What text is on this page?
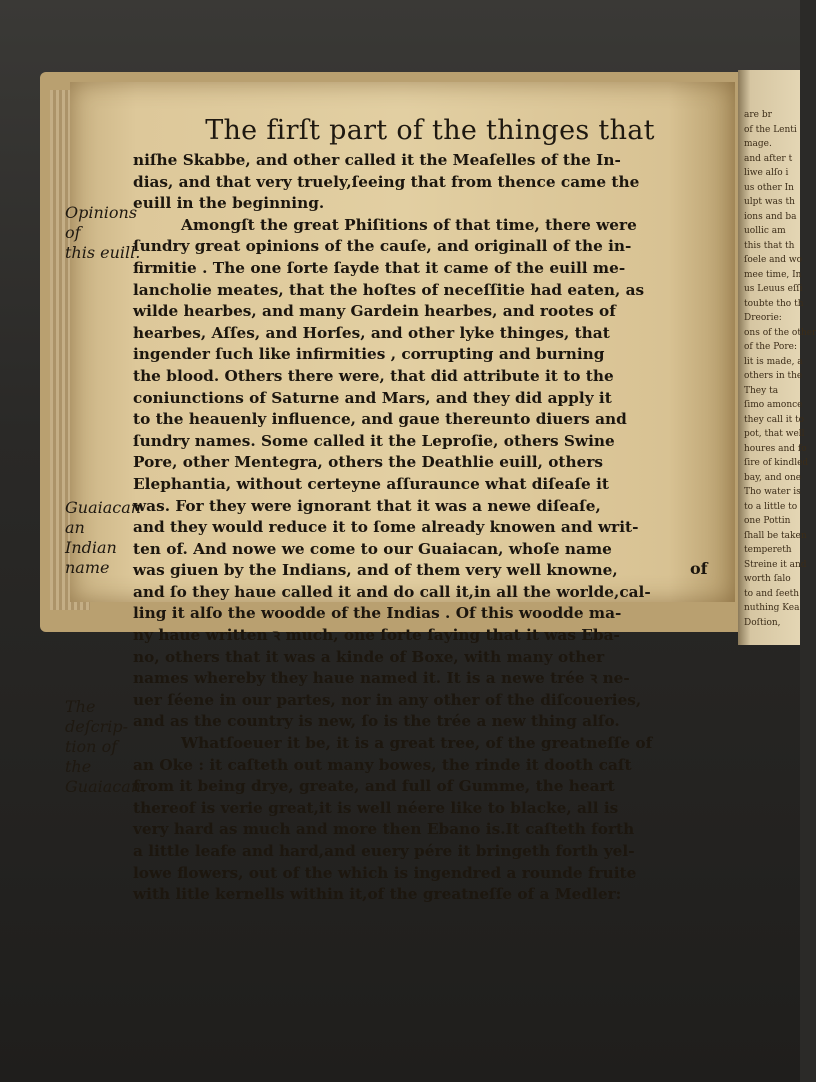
are br
of the Lenti
mage.
and after t
liwe alſo i
us other In
ulpt was th
ions and ba
uollic am
this that th
ſoele and wo
mee time, In
us Leuus eſſi
toubte tho th
Dreorie:
ons of the other
of the Pore:
lit is made, a
others in the
They ta
ſimo amonce
they call it to
pot, that well
houres and fo
ſire of kindled
bay, and one
Tho water is
to a little to
one Pottin
ſhall be taken
tempereth
Streine it and
worth ſalo
to and ſeeth
nuthing Kea
Doſtion,
The firſt part of the thinges that
Opinions of
this euill.
Guaiacan an
Indian name
The deſcrip-
tion of the
Guaiacan.
niſhe Skabbe, and other called it the Meaſelles of the In-
dias, and that very truely,ſeeing that from thence came the
euill in the beginning.
Amongſt the great Phiſitions of that time, there were
ſundry great opinions of the cauſe, and originall of the in-
firmitie . The one ſorte ſayde that it came of the euill me-
lancholie meates, that the hoſtes of neceſſitie had eaten, as
wilde hearbes, and many Gardein hearbes, and rootes of
hearbes, Aſſes, and Horſes, and other lyke thinges, that
ingender ſuch like infirmities , corrupting and burning
the blood. Others there were, that did attribute it to the
coniunctions of Saturne and Mars, and they did apply it
to the heauenly influence, and gaue thereunto diuers and
ſundry names. Some called it the Leproſie, others Swine
Pore, other Mentegra, others the Deathlie euill, others
Elephantia, without certeyne aſſuraunce what diſeaſe it
was. For they were ignorant that it was a newe diſeaſe,
and they would reduce it to ſome already knowen and writ-
ten of. And nowe we come to our Guaiacan, whoſe name
was giuen by the Indians, and of them very well knowne,
and ſo they haue called it and do call it,in all the worlde,cal-
ling it alſo the woodde of the Indias . Of this woodde ma-
ny haue written ꝛ much, one ſorte ſaying that it was Eba-
no, others that it was a kinde of Boxe, with many other
names whereby they haue named it. It is a newe trée ꝛ ne-
uer ſéene in our partes, nor in any other of the diſcoueries,
and as the country is new, ſo is the trée a new thing alſo.
Whatſoeuer it be, it is a great tree, of the greatneſſe of
an Oke : it caſteth out many bowes, the rinde it dooth caſt
from it being drye, greate, and full of Gumme, the heart
thereof is verie great,it is well néere like to blacke, all is
very hard as much and more then Ebano is.It caſteth forth
a little leafe and hard,and euery pére it bringeth forth yel-
lowe flowers, out of the which is ingendred a rounde fruite
with litle kernells within it,of the greatneſſe of a Medler:
of
